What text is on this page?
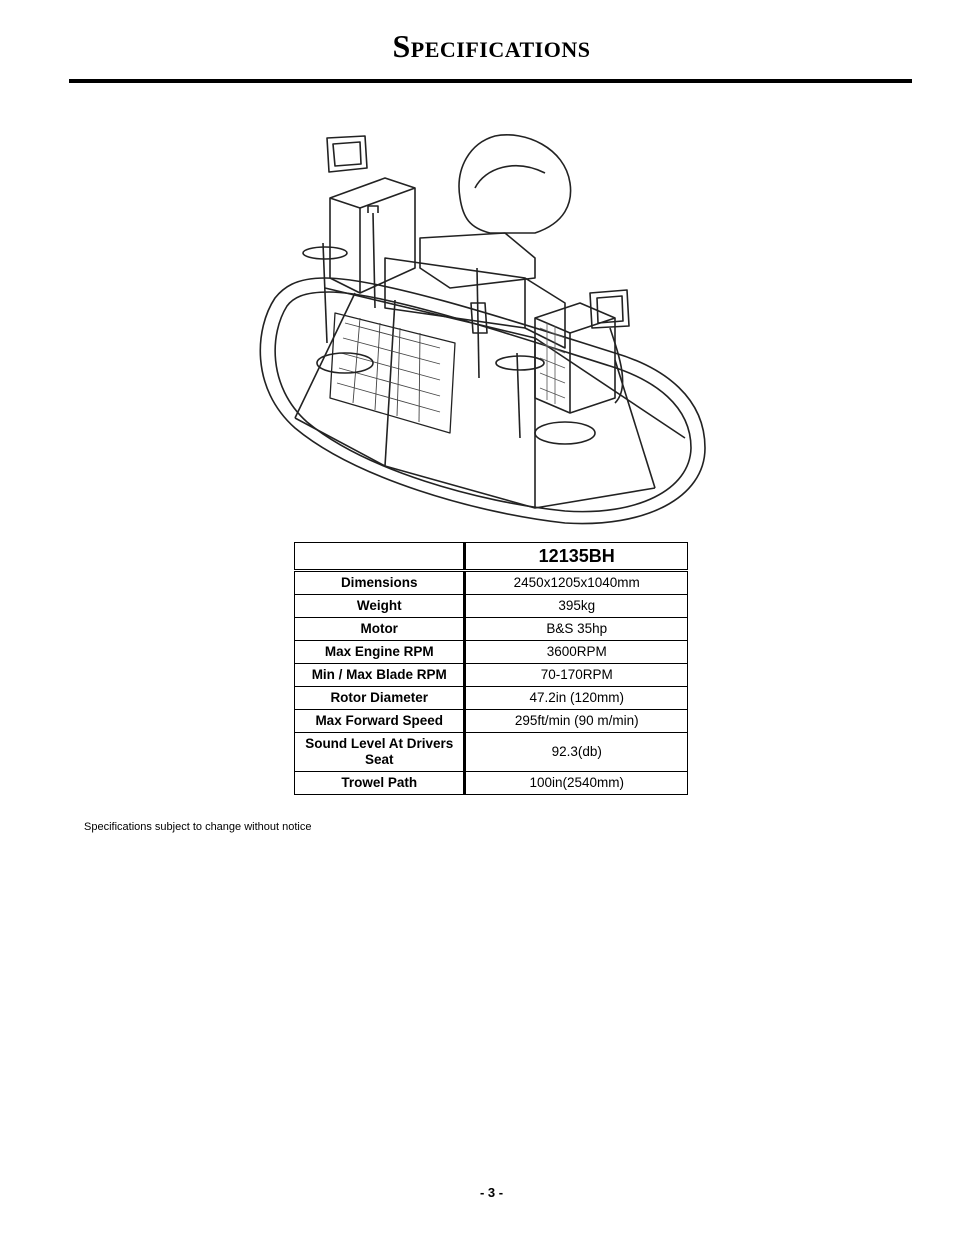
Specifications
	12135BH
Dimensions	2450x1205x1040mm
Weight	395kg
Motor	B&S 35hp
Max Engine RPM	3600RPM
Min / Max Blade RPM	70-170RPM
Rotor Diameter	47.2in (120mm)
Max Forward Speed	295ft/min (90 m/min)
Sound Level At Drivers Seat	92.3(db)
Trowel Path	100in(2540mm)
Specifications subject to change without notice
- 3 -
